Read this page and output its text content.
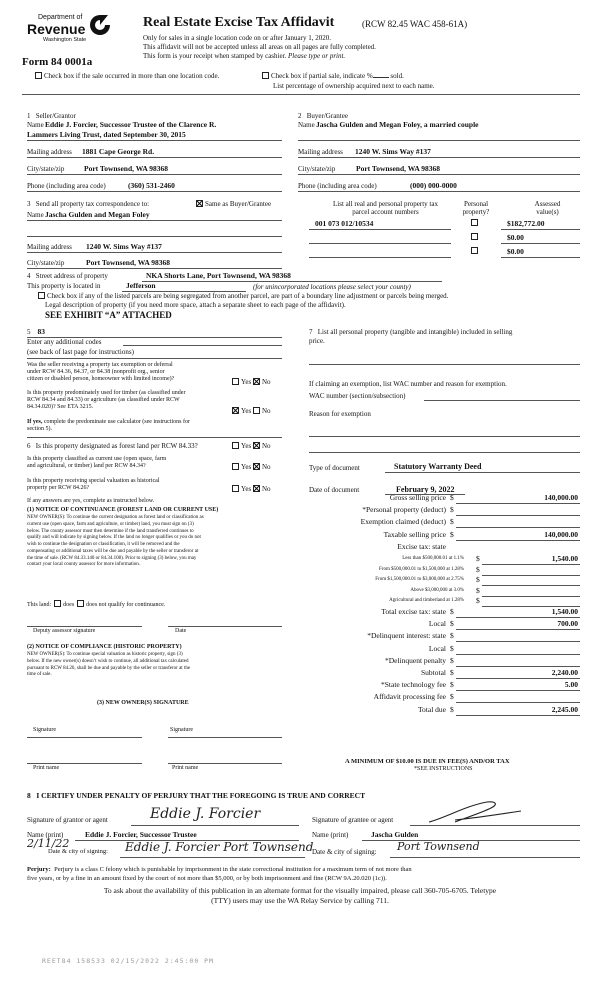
Department of
Revenue
Washington State
Form 84 0001a
Real Estate Excise Tax Affidavit	(RCW 82.45 WAC 458-61A)
Only for sales in a single location code on or after January 1, 2020.
This affidavit will not be accepted unless all areas on all pages are fully completed.
This form is your receipt when stamped by cashier. Please type or print.
Check box if the sale occurred in more than one location code.	Check box if partial sale, indicate %	sold.
List percentage of ownership acquired next to each name.
1 Seller/Grantor
Name Eddie J. Forcier, Successor Trustee of the Clarence R.
Lammers Living Trust, dated September 30, 2015
Mailing address 1881 Cape George Rd.
City/state/zip	Port Townsend, WA 98368
Phone (including area code)	(360) 531-2460
2 Buyer/Grantee
Name Jascha Gulden and Megan Foley, a married couple
Mailing address 1240 W. Sims Way #137
City/state/zip	Port Townsend, WA 98368
Phone (including area code)	(000) 000-0000
3 Send all property tax correspondence to:	Same as Buyer/Grantee
Name Jascha Gulden and Megan Foley
Mailing address 1240 W. Sims Way #137
City/state/zip	Port Townsend, WA 98368
List all real and personal property tax
parcel account numbers
Personal
property?
Assessed
value(s)
001 073 012/10534	$182,772.00
$0.00
$0.00
4 Street address of property	NKA Shorts Lane, Port Townsend, WA 98368
This property is located in	Jefferson	(for unincorporated locations please select your county)
Check box if any of the listed parcels are being segregated from another parcel, are part of a boundary line adjustment or parcels being merged.
Legal description of property (if you need more space, attach a separate sheet to each page of the affidavit).
SEE EXHIBIT “A” ATTACHED
5 83
Enter any additional codes
(see back of last page for instructions)
Was the seller receiving a property tax exemption or deferral
under RCW 84.36, 84.37, or 84.38 (nonprofit org., senior
citizen or disabled person, homeowner with limited income)?	Yes No
Is this property predominately used for timber (as classified under
RCW 84.34 and 84.33) or agriculture (as classified under RCW
84.34.020)? See ETA 3215.
Yes No
If yes, complete the predominate use calculator (see instructions for
section 5).
6 Is this property designated as forest land per RCW 84.33?	Yes No
Is this property classified as current use (open space, farm
and agricultural, or timber) land per RCW 84.34?	Yes No
Is this property receiving special valuation as historical
property per RCW 84.26?	Yes No
If any answers are yes, complete as instructed below.
(1) NOTICE OF CONTINUANCE (FOREST LAND OR CURRENT USE)
NEW OWNER(S): To continue the current designation as forest land or classification as
current use (open space, farm and agriculture, or timber) land, you must sign on (3)
below. The county assessor must then determine if the land transferred continues to
qualify and will indicate by signing below. If the land no longer qualifies or you do not
wish to continue the designation or classification, it will be removed and the
compensating or additional taxes will be due and payable by the seller or transferor at
the time of sale. (RCW 84.33.140 or 84.34.108). Prior to signing (3) below, you may
contact your local county assessor for more information.
This land: does does not qualify for continuance.
Deputy assessor signature	Date
(2) NOTICE OF COMPLIANCE (HISTORIC PROPERTY)
NEW OWNER(S): To continue special valuation as historic property, sign (3)
below. If the new owner(s) doesn’t wish to continue, all additional tax calculated
pursuant to RCW 84.26, shall be due and payable by the seller or transferor at the
time of sale.
(3) NEW OWNER(S) SIGNATURE
Signature	Signature
Print name	Print name
7 List all personal property (tangible and intangible) included in selling
price.
If claiming an exemption, list WAC number and reason for exemption.
WAC number (section/subsection)
Reason for exemption
Type of document	Statutory Warranty Deed
Date of document	February 9, 2022
Gross selling price $	140,000.00
*Personal property (deduct) $
Exemption claimed (deduct) $
Taxable selling price $	140,000.00
Excise tax: state
Less than $500,000.01 at 1.1% $	1,540.00
From $500,000.01 to $1,500,000 at 1.28% $
From $1,500,000.01 to $3,000,000 at 2.75% $
Above $3,000,000 at 3.0% $
Agricultural and timberland at 1.28% $
Total excise tax: state $	1,540.00
Local $	700.00
*Delinquent interest: state $
Local $
*Delinquent penalty $
Subtotal $	2,240.00
*State technology fee $	5.00
Affidavit processing fee $
Total due $	2,245.00
A MINIMUM OF $10.00 IS DUE IN FEE(S) AND/OR TAX
*SEE INSTRUCTIONS
8 I CERTIFY UNDER PENALTY OF PERJURY THAT THE FOREGOING IS TRUE AND CORRECT
Signature of grantor or agent	Eddie J. Forcier
Name (print)	Eddie J. Forcier, Successor Trustee
2/11/22
Date & city of signing: Eddie J. Forcier Port Townsend
Signature of grantee or agent
Name (print)	Jascha Gulden
Date & city of signing: Port Townsend
Perjury: Perjury is a class C felony which is punishable by imprisonment in the state correctional institution for a maximum term of not more than
five years, or by a fine in an amount fixed by the court of not more than $5,000, or by both imprisonment and fine (RCW 9A.20.020 (1c)).
To ask about the availability of this publication in an alternate format for the visually impaired, please call 360-705-6705. Teletype
(TTY) users may use the WA Relay Service by calling 711.
REET84 158533 02/15/2022 2:45:00 PM
